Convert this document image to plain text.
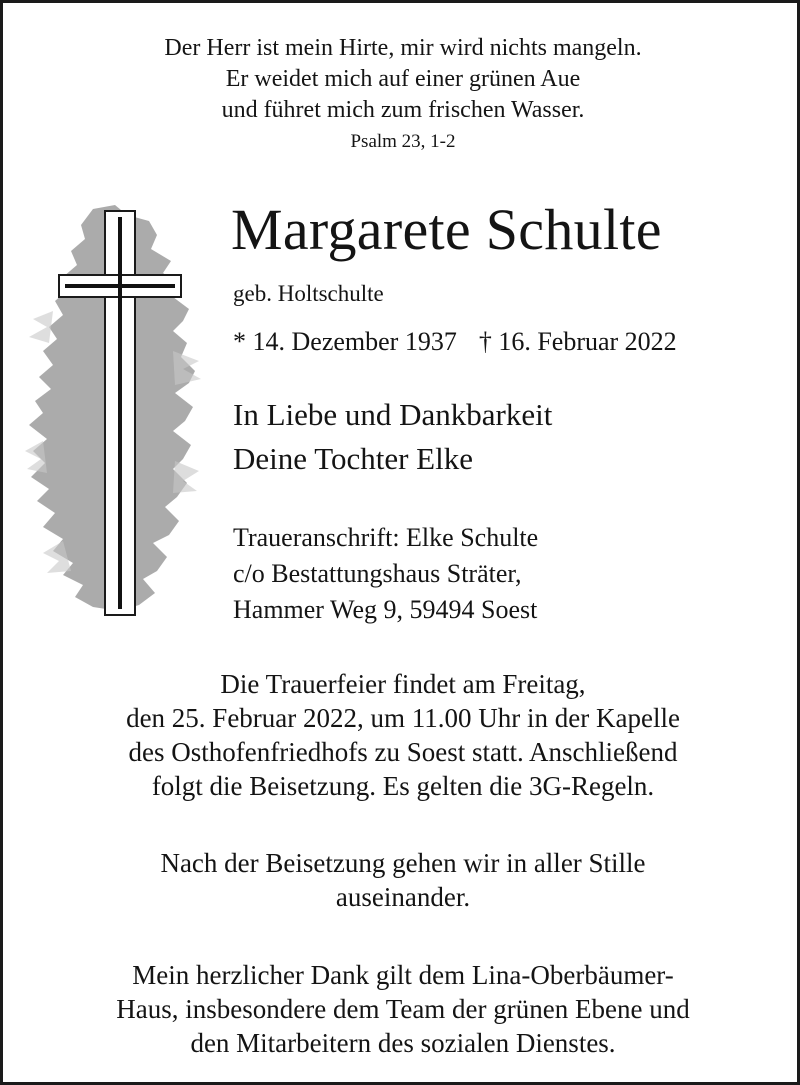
Der Herr ist mein Hirte, mir wird nichts mangeln.
Er weidet mich auf einer grünen Aue
und führet mich zum frischen Wasser.
Psalm 23, 1-2
Margarete Schulte
geb. Holtschulte
* 14. Dezember 1937 † 16. Februar 2022
In Liebe und Dankbarkeit
Deine Tochter Elke
Traueranschrift: Elke Schulte
c/o Bestattungshaus Sträter,
Hammer Weg 9, 59494 Soest
Die Trauerfeier findet am Freitag,
den 25. Februar 2022, um 11.00 Uhr in der Kapelle
des Osthofenfriedhofs zu Soest statt. Anschließend
folgt die Beisetzung. Es gelten die 3G-Regeln.
Nach der Beisetzung gehen wir in aller Stille
auseinander.
Mein herzlicher Dank gilt dem Lina-Oberbäumer-
Haus, insbesondere dem Team der grünen Ebene und
den Mitarbeitern des sozialen Dienstes.
